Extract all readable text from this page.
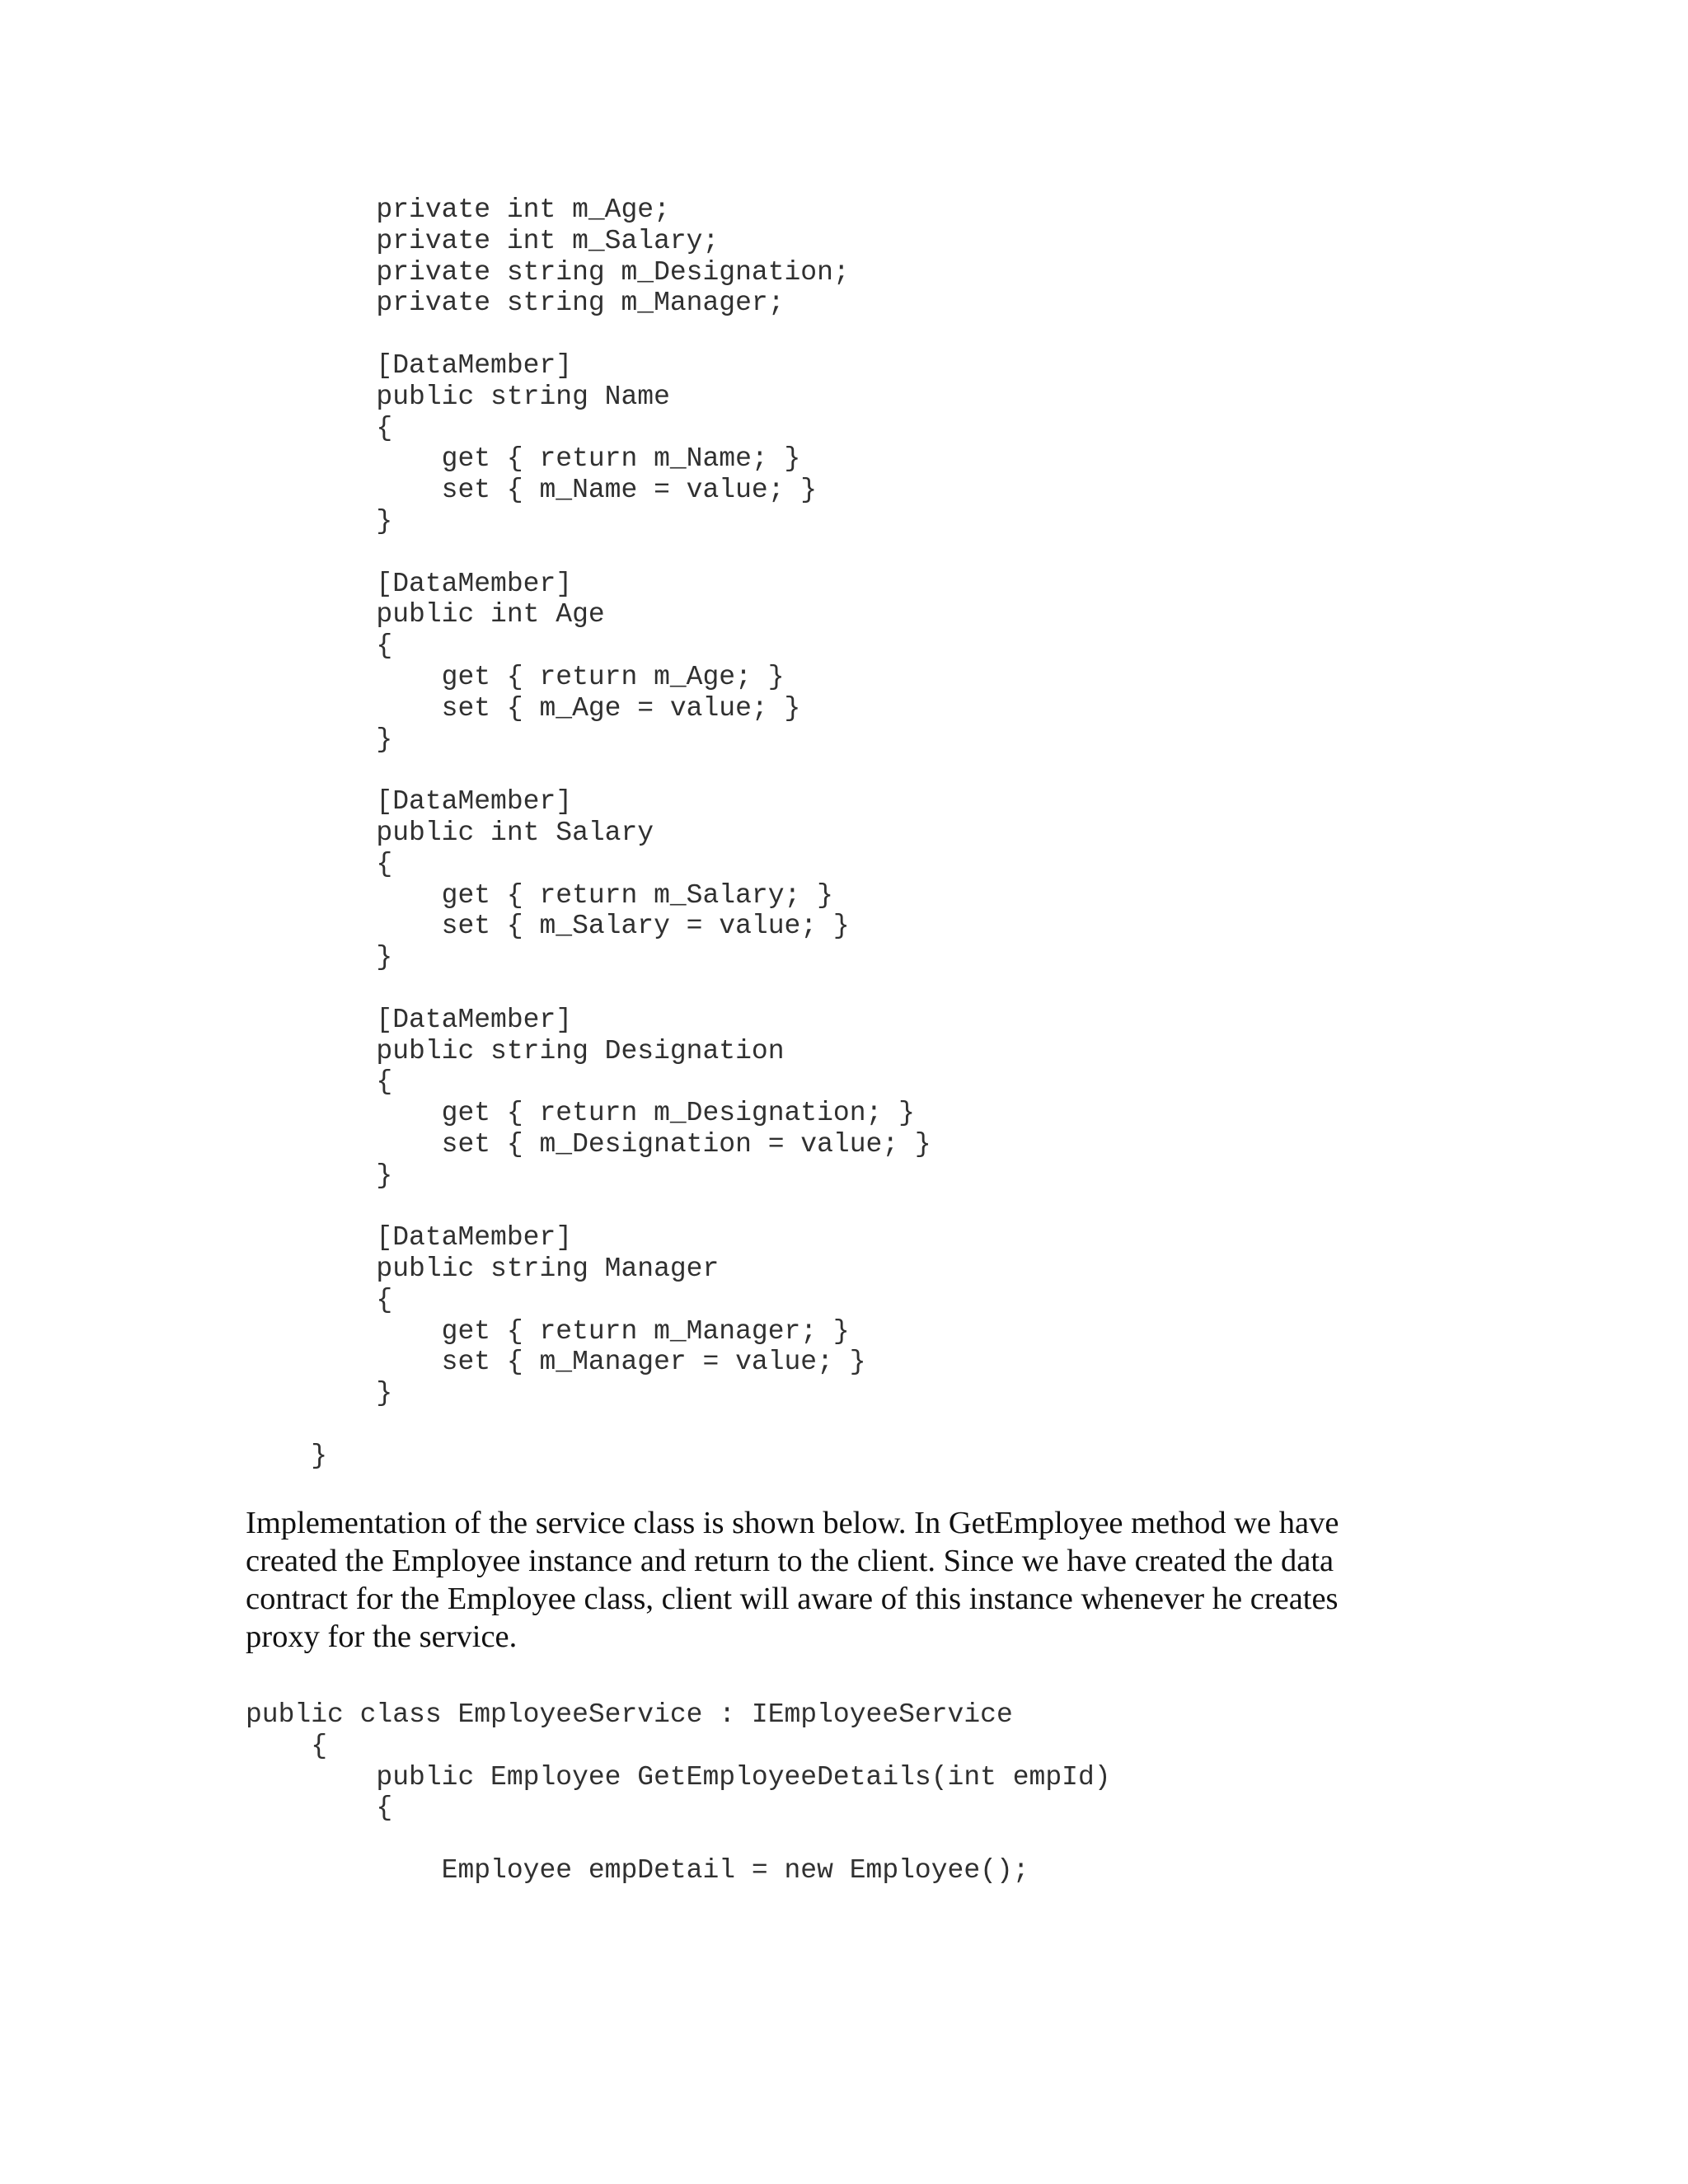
private int m_Age;
private int m_Salary;
private string m_Designation;
private string m_Manager;

[DataMember]
public string Name
{
get { return m_Name; }
set { m_Name = value; }
}

[DataMember]
public int Age
{
get { return m_Age; }
set { m_Age = value; }
}

[DataMember]
public int Salary
{
get { return m_Salary; }
set { m_Salary = value; }
}

[DataMember]
public string Designation
{
get { return m_Designation; }
set { m_Designation = value; }
}

[DataMember]
public string Manager
{
get { return m_Manager; }
set { m_Manager = value; }
}

}

Implementation of the service class is shown below. In GetEmployee method we have
created the Employee instance and return to the client. Since we have created the data
contract for the Employee class, client will aware of this instance whenever he creates
proxy for the service.

public class EmployeeService : IEmployeeService
{
public Employee GetEmployeeDetails(int empId)
{

Employee empDetail = new Employee();
